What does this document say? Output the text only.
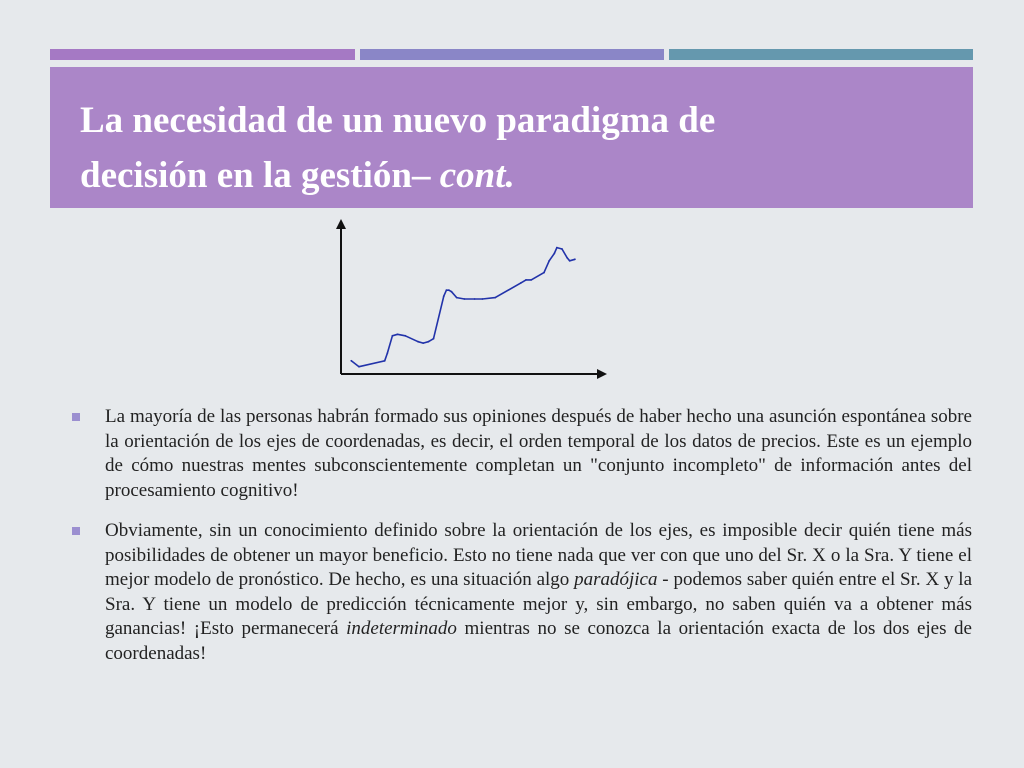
La necesidad de un nuevo paradigma de
decisión en la gestión– cont.
La mayoría de las personas habrán formado sus opiniones después de haber hecho una asunción espontánea sobre la orientación de los ejes de coordenadas, es decir, el orden temporal de los datos de precios. Este es un ejemplo de cómo nuestras mentes subconscientemente completan un "conjunto incompleto" de información antes del procesamiento cognitivo!
Obviamente, sin un conocimiento definido sobre la orientación de los ejes, es imposible decir quién tiene más posibilidades de obtener un mayor beneficio. Esto no tiene nada que ver con que uno del Sr. X o la Sra. Y tiene el mejor modelo de pronóstico. De hecho, es una situación algo paradójica - podemos saber quién entre el Sr. X y la Sra. Y tiene un modelo de predicción técnicamente mejor y, sin embargo, no saben quién va a obtener más ganancias! ¡Esto permanecerá indeterminado mientras no se conozca la orientación exacta de los dos ejes de coordenadas!
